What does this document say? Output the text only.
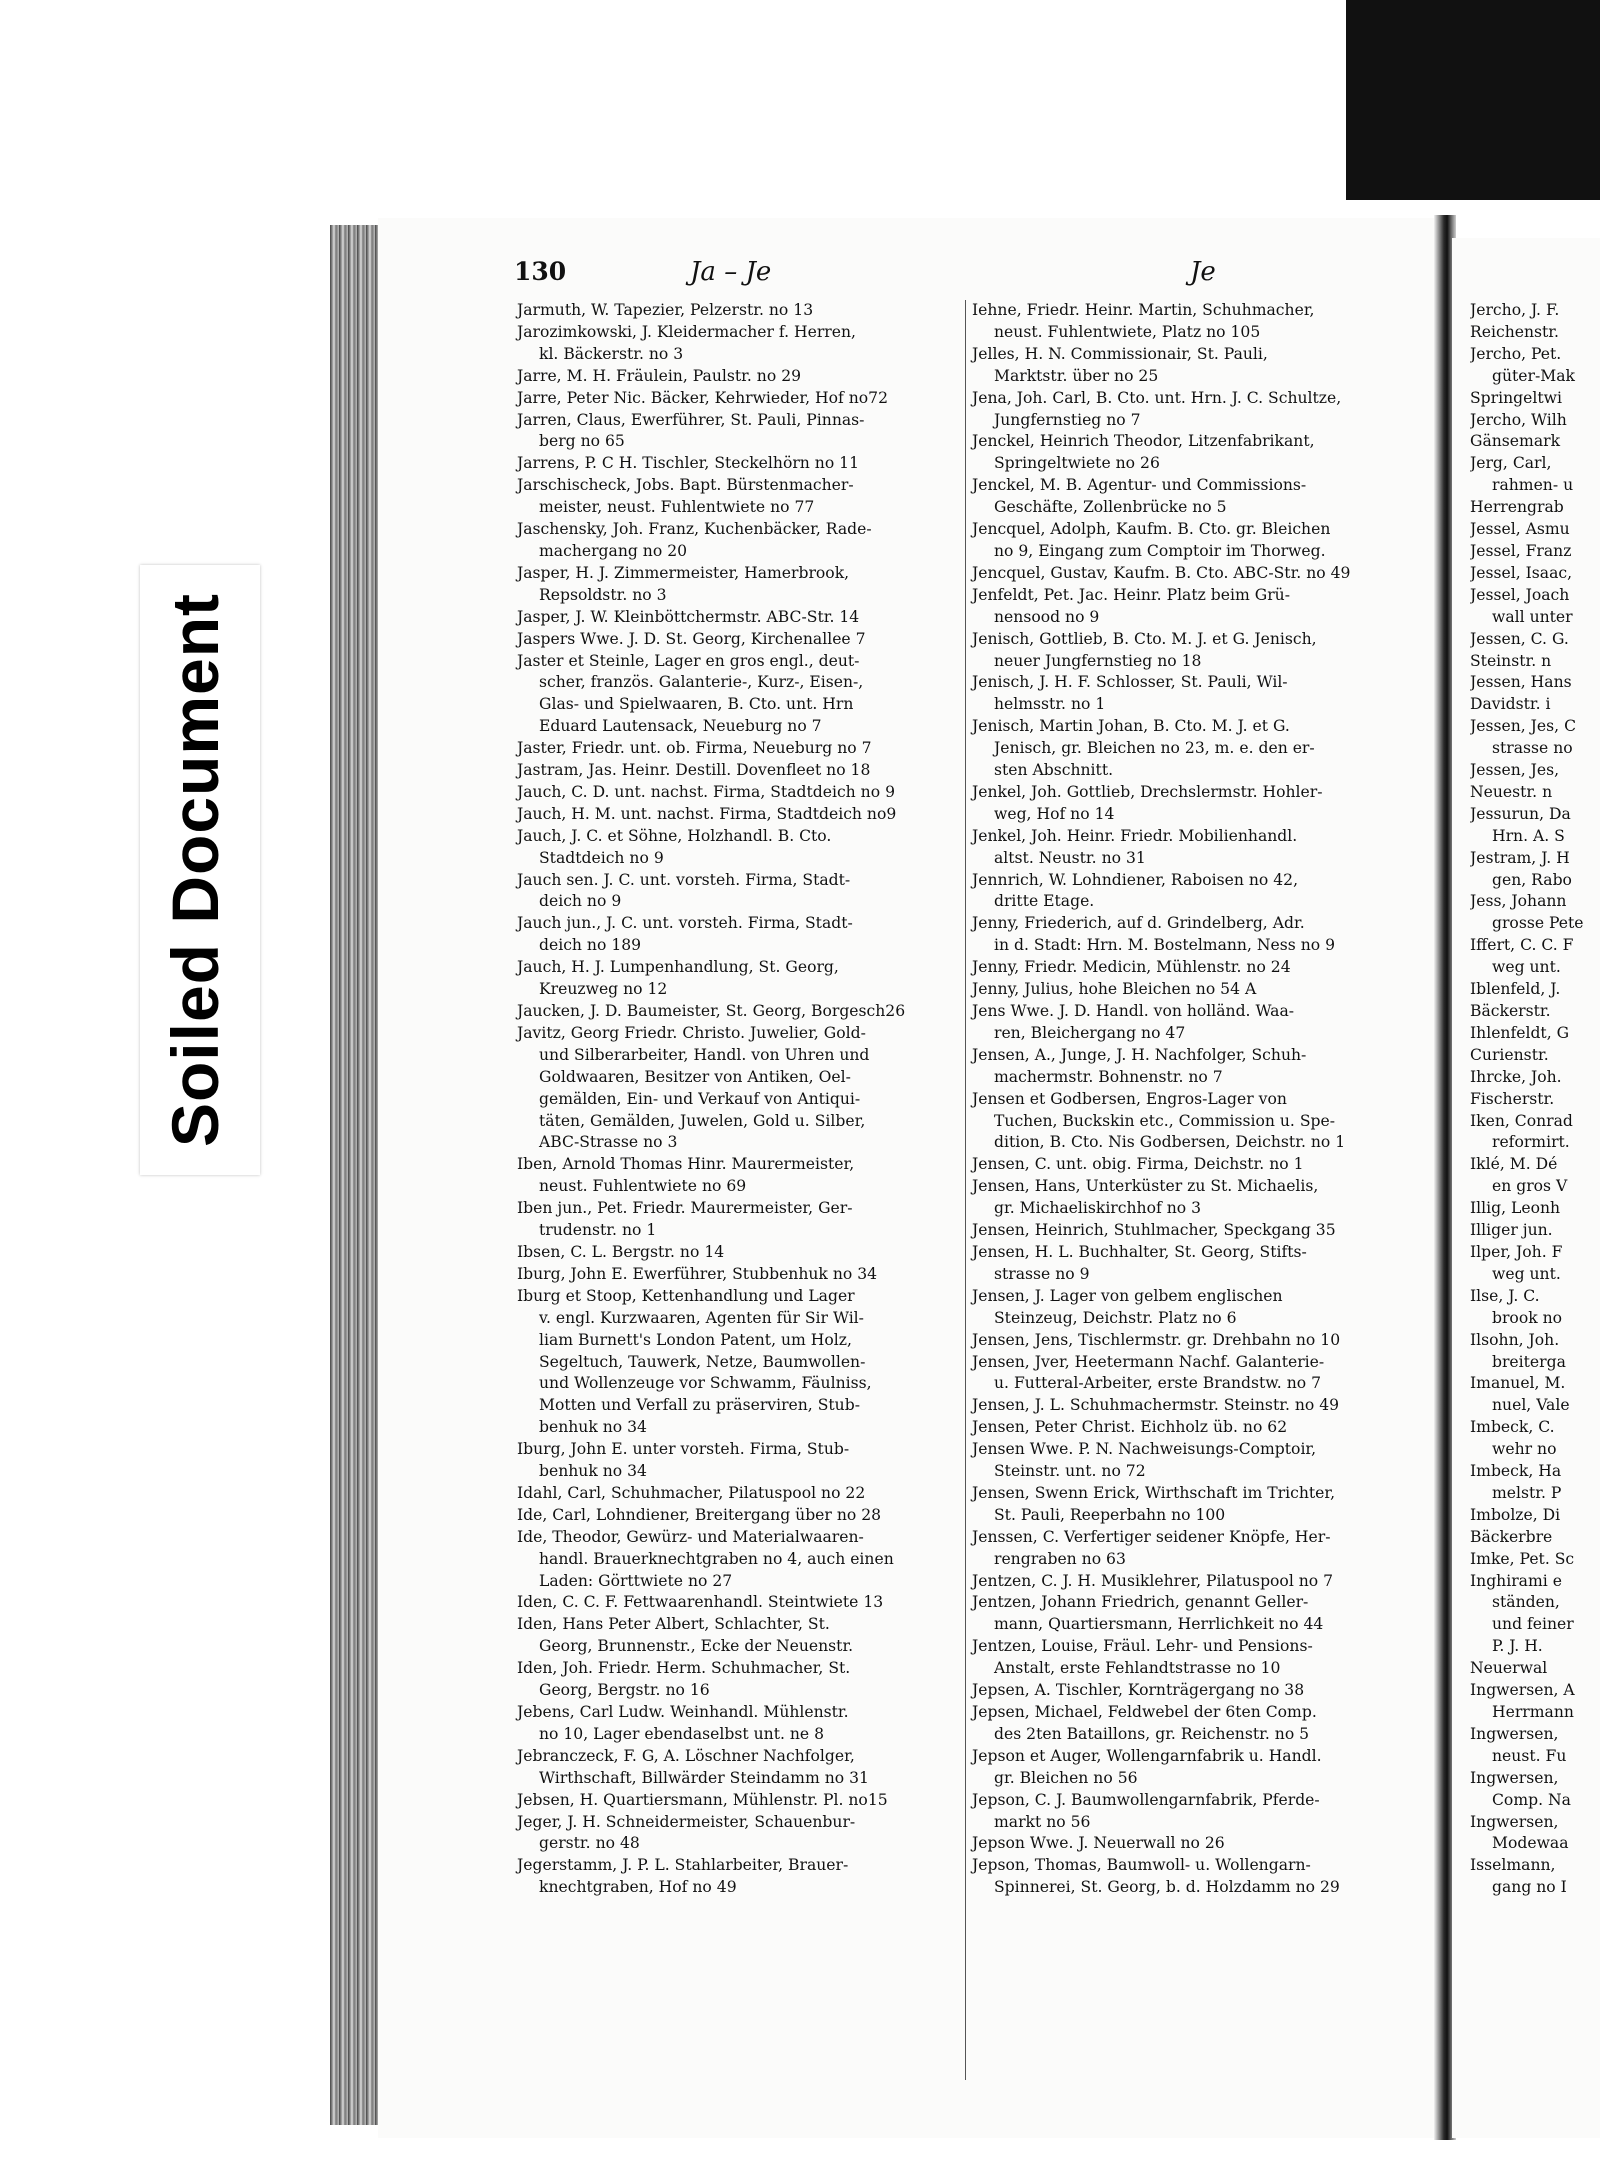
Soiled Document
130	Ja – Je	Je
Jarmuth, W. Tapezier, Pelzerstr. no 13
Jarozimkowski, J. Kleidermacher f. Herren,
kl. Bäckerstr. no 3
Jarre, M. H. Fräulein, Paulstr. no 29
Jarre, Peter Nic. Bäcker, Kehrwieder, Hof no72
Jarren, Claus, Ewerführer, St. Pauli, Pinnas-
berg no 65
Jarrens, P. C H. Tischler, Steckelhörn no 11
Jarschischeck, Jobs. Bapt. Bürstenmacher-
meister, neust. Fuhlentwiete no 77
Jaschensky, Joh. Franz, Kuchenbäcker, Rade-
machergang no 20
Jasper, H. J. Zimmermeister, Hamerbrook,
Repsoldstr. no 3
Jasper, J. W. Kleinböttchermstr. ABC-Str. 14
Jaspers Wwe. J. D. St. Georg, Kirchenallee 7
Jaster et Steinle, Lager en gros engl., deut-
scher, französ. Galanterie-, Kurz-, Eisen-,
Glas- und Spielwaaren, B. Cto. unt. Hrn
Eduard Lautensack, Neueburg no 7
Jaster, Friedr. unt. ob. Firma, Neueburg no 7
Jastram, Jas. Heinr. Destill. Dovenfleet no 18
Jauch, C. D. unt. nachst. Firma, Stadtdeich no 9
Jauch, H. M. unt. nachst. Firma, Stadtdeich no9
Jauch, J. C. et Söhne, Holzhandl. B. Cto.
Stadtdeich no 9
Jauch sen. J. C. unt. vorsteh. Firma, Stadt-
deich no 9
Jauch jun., J. C. unt. vorsteh. Firma, Stadt-
deich no 189
Jauch, H. J. Lumpenhandlung, St. Georg,
Kreuzweg no 12
Jaucken, J. D. Baumeister, St. Georg, Borgesch26
Javitz, Georg Friedr. Christo. Juwelier, Gold-
und Silberarbeiter, Handl. von Uhren und
Goldwaaren, Besitzer von Antiken, Oel-
gemälden, Ein- und Verkauf von Antiqui-
täten, Gemälden, Juwelen, Gold u. Silber,
ABC-Strasse no 3
Iben, Arnold Thomas Hinr. Maurermeister,
neust. Fuhlentwiete no 69
Iben jun., Pet. Friedr. Maurermeister, Ger-
trudenstr. no 1
Ibsen, C. L. Bergstr. no 14
Iburg, John E. Ewerführer, Stubbenhuk no 34
Iburg et Stoop, Kettenhandlung und Lager
v. engl. Kurzwaaren, Agenten für Sir Wil-
liam Burnett's London Patent, um Holz,
Segeltuch, Tauwerk, Netze, Baumwollen-
und Wollenzeuge vor Schwamm, Fäulniss,
Motten und Verfall zu präserviren, Stub-
benhuk no 34
Iburg, John E. unter vorsteh. Firma, Stub-
benhuk no 34
Idahl, Carl, Schuhmacher, Pilatuspool no 22
Ide, Carl, Lohndiener, Breitergang über no 28
Ide, Theodor, Gewürz- und Materialwaaren-
handl. Brauerknechtgraben no 4, auch einen
Laden: Görttwiete no 27
Iden, C. C. F. Fettwaarenhandl. Steintwiete 13
Iden, Hans Peter Albert, Schlachter, St.
Georg, Brunnenstr., Ecke der Neuenstr.
Iden, Joh. Friedr. Herm. Schuhmacher, St.
Georg, Bergstr. no 16
Jebens, Carl Ludw. Weinhandl. Mühlenstr.
no 10, Lager ebendaselbst unt. ne 8
Jebranczeck, F. G, A. Löschner Nachfolger,
Wirthschaft, Billwärder Steindamm no 31
Jebsen, H. Quartiersmann, Mühlenstr. Pl. no15
Jeger, J. H. Schneidermeister, Schauenbur-
gerstr. no 48
Jegerstamm, J. P. L. Stahlarbeiter, Brauer-
knechtgraben, Hof no 49
Iehne, Friedr. Heinr. Martin, Schuhmacher,
neust. Fuhlentwiete, Platz no 105
Jelles, H. N. Commissionair, St. Pauli,
Marktstr. über no 25
Jena, Joh. Carl, B. Cto. unt. Hrn. J. C. Schultze,
Jungfernstieg no 7
Jenckel, Heinrich Theodor, Litzenfabrikant,
Springeltwiete no 26
Jenckel, M. B. Agentur- und Commissions-
Geschäfte, Zollenbrücke no 5
Jencquel, Adolph, Kaufm. B. Cto. gr. Bleichen
no 9, Eingang zum Comptoir im Thorweg.
Jencquel, Gustav, Kaufm. B. Cto. ABC-Str. no 49
Jenfeldt, Pet. Jac. Heinr. Platz beim Grü-
nensood no 9
Jenisch, Gottlieb, B. Cto. M. J. et G. Jenisch,
neuer Jungfernstieg no 18
Jenisch, J. H. F. Schlosser, St. Pauli, Wil-
helmsstr. no 1
Jenisch, Martin Johan, B. Cto. M. J. et G.
Jenisch, gr. Bleichen no 23, m. e. den er-
sten Abschnitt.
Jenkel, Joh. Gottlieb, Drechslermstr. Hohler-
weg, Hof no 14
Jenkel, Joh. Heinr. Friedr. Mobilienhandl.
altst. Neustr. no 31
Jennrich, W. Lohndiener, Raboisen no 42,
dritte Etage.
Jenny, Friederich, auf d. Grindelberg, Adr.
in d. Stadt: Hrn. M. Bostelmann, Ness no 9
Jenny, Friedr. Medicin, Mühlenstr. no 24
Jenny, Julius, hohe Bleichen no 54 A
Jens Wwe. J. D. Handl. von holländ. Waa-
ren, Bleichergang no 47
Jensen, A., Junge, J. H. Nachfolger, Schuh-
machermstr. Bohnenstr. no 7
Jensen et Godbersen, Engros-Lager von
Tuchen, Buckskin etc., Commission u. Spe-
dition, B. Cto. Nis Godbersen, Deichstr. no 1
Jensen, C. unt. obig. Firma, Deichstr. no 1
Jensen, Hans, Unterküster zu St. Michaelis,
gr. Michaeliskirchhof no 3
Jensen, Heinrich, Stuhlmacher, Speckgang 35
Jensen, H. L. Buchhalter, St. Georg, Stifts-
strasse no 9
Jensen, J. Lager von gelbem englischen
Steinzeug, Deichstr. Platz no 6
Jensen, Jens, Tischlermstr. gr. Drehbahn no 10
Jensen, Jver, Heetermann Nachf. Galanterie-
u. Futteral-Arbeiter, erste Brandstw. no 7
Jensen, J. L. Schuhmachermstr. Steinstr. no 49
Jensen, Peter Christ. Eichholz üb. no 62
Jensen Wwe. P. N. Nachweisungs-Comptoir,
Steinstr. unt. no 72
Jensen, Swenn Erick, Wirthschaft im Trichter,
St. Pauli, Reeperbahn no 100
Jenssen, C. Verfertiger seidener Knöpfe, Her-
rengraben no 63
Jentzen, C. J. H. Musiklehrer, Pilatuspool no 7
Jentzen, Johann Friedrich, genannt Geller-
mann, Quartiersmann, Herrlichkeit no 44
Jentzen, Louise, Fräul. Lehr- und Pensions-
Anstalt, erste Fehlandtstrasse no 10
Jepsen, A. Tischler, Kornträgergang no 38
Jepsen, Michael, Feldwebel der 6ten Comp.
des 2ten Bataillons, gr. Reichenstr. no 5
Jepson et Auger, Wollengarnfabrik u. Handl.
gr. Bleichen no 56
Jepson, C. J. Baumwollengarnfabrik, Pferde-
markt no 56
Jepson Wwe. J. Neuerwall no 26
Jepson, Thomas, Baumwoll- u. Wollengarn-
Spinnerei, St. Georg, b. d. Holzdamm no 29
Jercho, J. F.
Reichenstr.
Jercho, Pet.
güter-Mak
Springeltwi
Jercho, Wilh
Gänsemark
Jerg, Carl,
rahmen- u
Herrengrab
Jessel, Asmu
Jessel, Franz
Jessel, Isaac,
Jessel, Joach
wall unter
Jessen, C. G.
Steinstr. n
Jessen, Hans
Davidstr. i
Jessen, Jes, C
strasse no
Jessen, Jes,
Neuestr. n
Jessurun, Da
Hrn. A. S
Jestram, J. H
gen, Rabo
Jess, Johann
grosse Pete
Iffert, C. C. F
weg unt.
Iblenfeld, J.
Bäckerstr.
Ihlenfeldt, G
Curienstr.
Ihrcke, Joh.
Fischerstr.
Iken, Conrad
reformirt.
Iklé, M. Dé
en gros V
Illig, Leonh
Illiger jun.
Ilper, Joh. F
weg unt.
Ilse, J. C.
brook no
Ilsohn, Joh.
breiterga
Imanuel, M.
nuel, Vale
Imbeck, C.
wehr no
Imbeck, Ha
melstr. P
Imbolze, Di
Bäckerbre
Imke, Pet. Sc
Inghirami e
ständen,
und feiner
P. J. H.
Neuerwal
Ingwersen, A
Herrmann
Ingwersen,
neust. Fu
Ingwersen,
Comp. Na
Ingwersen,
Modewaa
Isselmann,
gang no I
